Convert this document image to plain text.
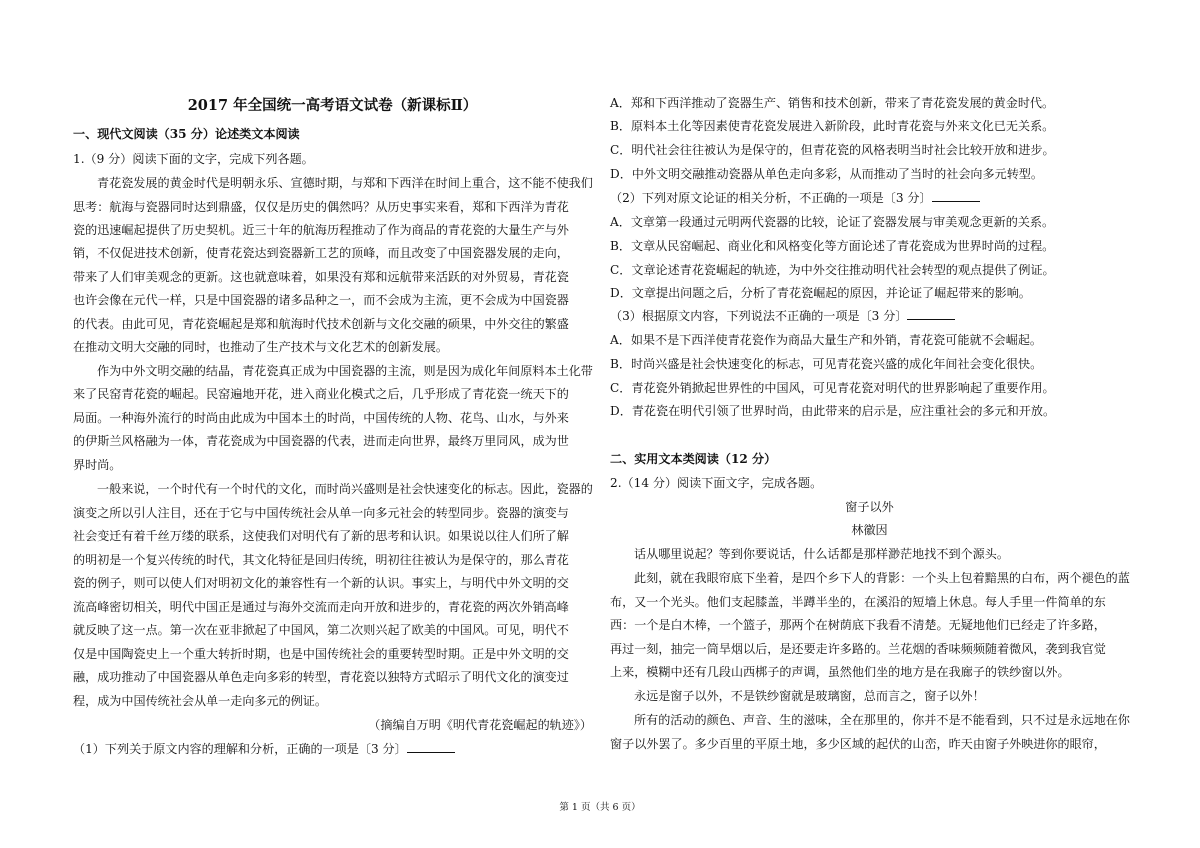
2017 年全国统一高考语文试卷（新课标Ⅱ）
一、现代文阅读（35 分）论述类文本阅读
1.（9 分）阅读下面的文字，完成下列各题。
青花瓷发展的黄金时代是明朝永乐、宣德时期，与郑和下西洋在时间上重合，这不能不使我们
思考：航海与瓷器同时达到鼎盛，仅仅是历史的偶然吗？从历史事实来看，郑和下西洋为青花
瓷的迅速崛起提供了历史契机。近三十年的航海历程推动了作为商品的青花瓷的大量生产与外
销，不仅促进技术创新，使青花瓷达到瓷器新工艺的顶峰，而且改变了中国瓷器发展的走向，
带来了人们审美观念的更新。这也就意味着，如果没有郑和远航带来活跃的对外贸易，青花瓷
也许会像在元代一样，只是中国瓷器的诸多品种之一，而不会成为主流，更不会成为中国瓷器
的代表。由此可见，青花瓷崛起是郑和航海时代技术创新与文化交融的硕果，中外交往的繁盛
在推动文明大交融的同时，也推动了生产技术与文化艺术的创新发展。
作为中外文明交融的结晶，青花瓷真正成为中国瓷器的主流，则是因为成化年间原料本土化带
来了民窑青花瓷的崛起。民窑遍地开花，进入商业化模式之后，几乎形成了青花瓷一统天下的
局面。一种海外流行的时尚由此成为中国本土的时尚，中国传统的人物、花鸟、山水，与外来
的伊斯兰风格融为一体，青花瓷成为中国瓷器的代表，进而走向世界，最终万里同风，成为世
界时尚。
一般来说，一个时代有一个时代的文化，而时尚兴盛则是社会快速变化的标志。因此，瓷器的
演变之所以引人注目，还在于它与中国传统社会从单一向多元社会的转型同步。瓷器的演变与
社会变迁有着千丝万缕的联系，这使我们对明代有了新的思考和认识。如果说以往人们所了解
的明初是一个复兴传统的时代，其文化特征是回归传统，明初往往被认为是保守的，那么青花
瓷的例子，则可以使人们对明初文化的兼容性有一个新的认识。事实上，与明代中外文明的交
流高峰密切相关，明代中国正是通过与海外交流而走向开放和进步的，青花瓷的两次外销高峰
就反映了这一点。第一次在亚非掀起了中国风，第二次则兴起了欧美的中国风。可见，明代不
仅是中国陶瓷史上一个重大转折时期，也是中国传统社会的重要转型时期。正是中外文明的交
融，成功推动了中国瓷器从单色走向多彩的转型，青花瓷以独特方式昭示了明代文化的演变过
程，成为中国传统社会从单一走向多元的例证。
（摘编自万明《明代青花瓷崛起的轨迹》）
（1）下列关于原文内容的理解和分析，正确的一项是〔3 分〕
A．郑和下西洋推动了瓷器生产、销售和技术创新，带来了青花瓷发展的黄金时代。
B．原料本土化等因素使青花瓷发展进入新阶段，此时青花瓷与外来文化已无关系。
C．明代社会往往被认为是保守的，但青花瓷的风格表明当时社会比较开放和进步。
D．中外文明交融推动瓷器从单色走向多彩，从而推动了当时的社会向多元转型。
（2）下列对原文论证的相关分析，不正确的一项是〔3 分〕
A．文章第一段通过元明两代瓷器的比较，论证了瓷器发展与审美观念更新的关系。
B．文章从民窑崛起、商业化和风格变化等方面论述了青花瓷成为世界时尚的过程。
C．文章论述青花瓷崛起的轨迹，为中外交往推动明代社会转型的观点提供了例证。
D．文章提出问题之后，分析了青花瓷崛起的原因，并论证了崛起带来的影响。
（3）根据原文内容，下列说法不正确的一项是〔3 分〕
A．如果不是下西洋使青花瓷作为商品大量生产和外销，青花瓷可能就不会崛起。
B．时尚兴盛是社会快速变化的标志，可见青花瓷兴盛的成化年间社会变化很快。
C．青花瓷外销掀起世界性的中国风，可见青花瓷对明代的世界影响起了重要作用。
D．青花瓷在明代引领了世界时尚，由此带来的启示是，应注重社会的多元和开放。
二、实用文本类阅读（12 分）
2.（14 分）阅读下面文字，完成各题。
窗子以外
林徽因
话从哪里说起？等到你要说话，什么话都是那样渺茫地找不到个源头。
此刻，就在我眼帘底下坐着，是四个乡下人的背影：一个头上包着黯黑的白布，两个褪色的蓝
布，又一个光头。他们支起膝盖，半蹲半坐的，在溪沿的短墙上休息。每人手里一件简单的东
西：一个是白木棒，一个篮子，那两个在树荫底下我看不清楚。无疑地他们已经走了许多路，
再过一刻，抽完一筒旱烟以后，是还要走许多路的。兰花烟的香味频频随着微风，袭到我官觉
上来，模糊中还有几段山西梆子的声调，虽然他们坐的地方是在我廊子的铁纱窗以外。
永远是窗子以外，不是铁纱窗就是玻璃窗，总而言之，窗子以外！
所有的活动的颜色、声音、生的滋味，全在那里的，你并不是不能看到，只不过是永远地在你
窗子以外罢了。多少百里的平原土地，多少区域的起伏的山峦，昨天由窗子外映进你的眼帘，
第 1 页（共 6 页）
